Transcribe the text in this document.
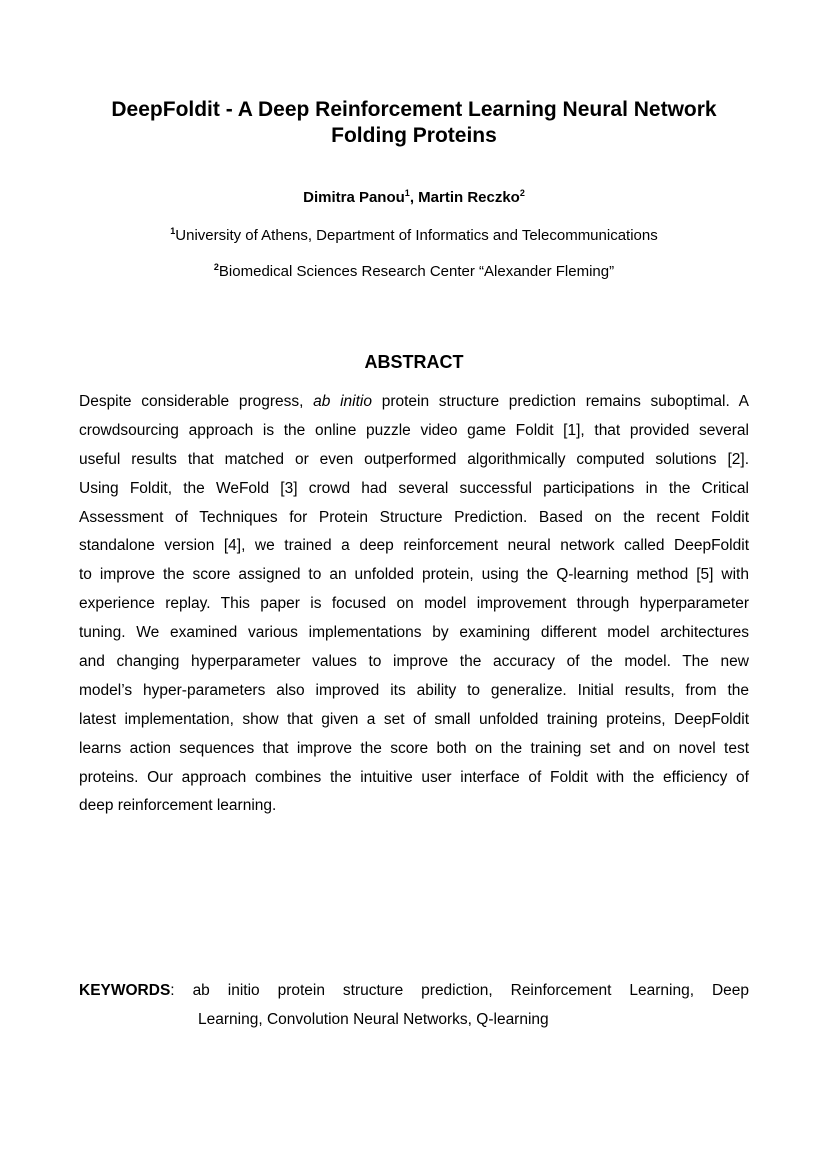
DeepFoldit - A Deep Reinforcement Learning Neural Network
Folding Proteins
Dimitra Panou$^1$, Martin Reczko$^2$
$^1$University of Athens, Department of Informatics and Telecommunications
$^2$Biomedical Sciences Research Center “Alexander Fleming”
ABSTRACT
Despite considerable progress, ab initio protein structure prediction remains suboptimal. A
crowdsourcing approach is the online puzzle video game Foldit [1], that provided several
useful results that matched or even outperformed algorithmically computed solutions [2].
Using Foldit, the WeFold [3] crowd had several successful participations in the Critical
Assessment of Techniques for Protein Structure Prediction. Based on the recent Foldit
standalone version [4], we trained a deep reinforcement neural network called DeepFoldit
to improve the score assigned to an unfolded protein, using the Q-learning method [5] with
experience replay. This paper is focused on model improvement through hyperparameter
tuning. We examined various implementations by examining different model architectures
and changing hyperparameter values to improve the accuracy of the model. The new
model’s hyper-parameters also improved its ability to generalize. Initial results, from the
latest implementation, show that given a set of small unfolded training proteins, DeepFoldit
learns action sequences that improve the score both on the training set and on novel test
proteins. Our approach combines the intuitive user interface of Foldit with the efficiency of
deep reinforcement learning.
KEYWORDS: ab initio protein structure prediction, Reinforcement Learning, Deep
Learning, Convolution Neural Networks, Q-learning
